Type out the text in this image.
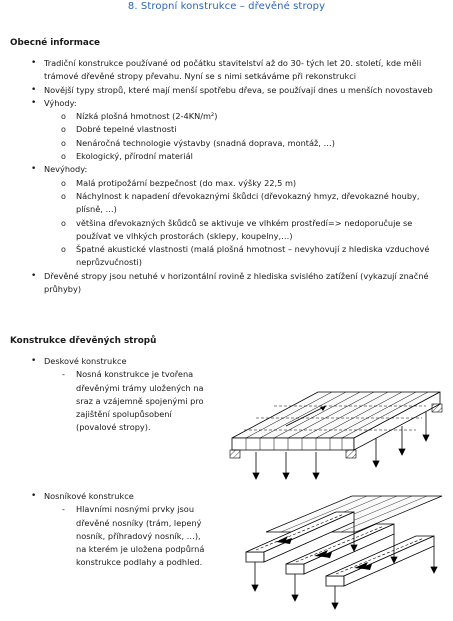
8. Stropní konstrukce – dřevěné stropy
Obecné informace
• Tradiční konstrukce používané od počátku stavitelství až do 30- tých let 20. století, kde měli trámové dřevěné stropy převahu. Nyní se s nimi setkáváme při rekonstrukci
• Novější typy stropů, které mají menší spotřebu dřeva, se používají dnes u menších novostaveb
• Výhody:
o Nízká plošná hmotnost (2-4KN/m²)
o Dobré tepelné vlastnosti
o Nenáročná technologie výstavby (snadná doprava, montáž, …)
o Ekologický, přírodní materiál
• Nevýhody:
o Malá protipožární bezpečnost (do max. výšky 22,5 m)
o Náchylnost k napadení dřevokaznými škůdci (dřevokazný hmyz, dřevokazné houby, plísně, …)
o většina dřevokazných škůdců se aktivuje ve vlhkém prostředí=> nedoporučuje se používat ve vlhkých prostorách (sklepy, koupelny,…)
o Špatné akustické vlastnosti (malá plošná hmotnost – nevyhovují z hlediska vzduchové neprůzvučnosti)
• Dřevěné stropy jsou netuhé v horizontální rovině z hlediska svislého zatížení (vykazují značné průhyby)
Konstrukce dřevěných stropů
• Deskové konstrukce
- Nosná konstrukce je tvořena dřevěnými trámy uložených na sraz a vzájemně spojenými pro zajištění spolupůsobení (povalové stropy).
• Nosníkové konstrukce
- Hlavními nosnými prvky jsou dřevěné nosníky (trám, lepený nosník, příhradový nosník, …), na kterém je uložena podpůrná konstrukce podlahy a podhled.
